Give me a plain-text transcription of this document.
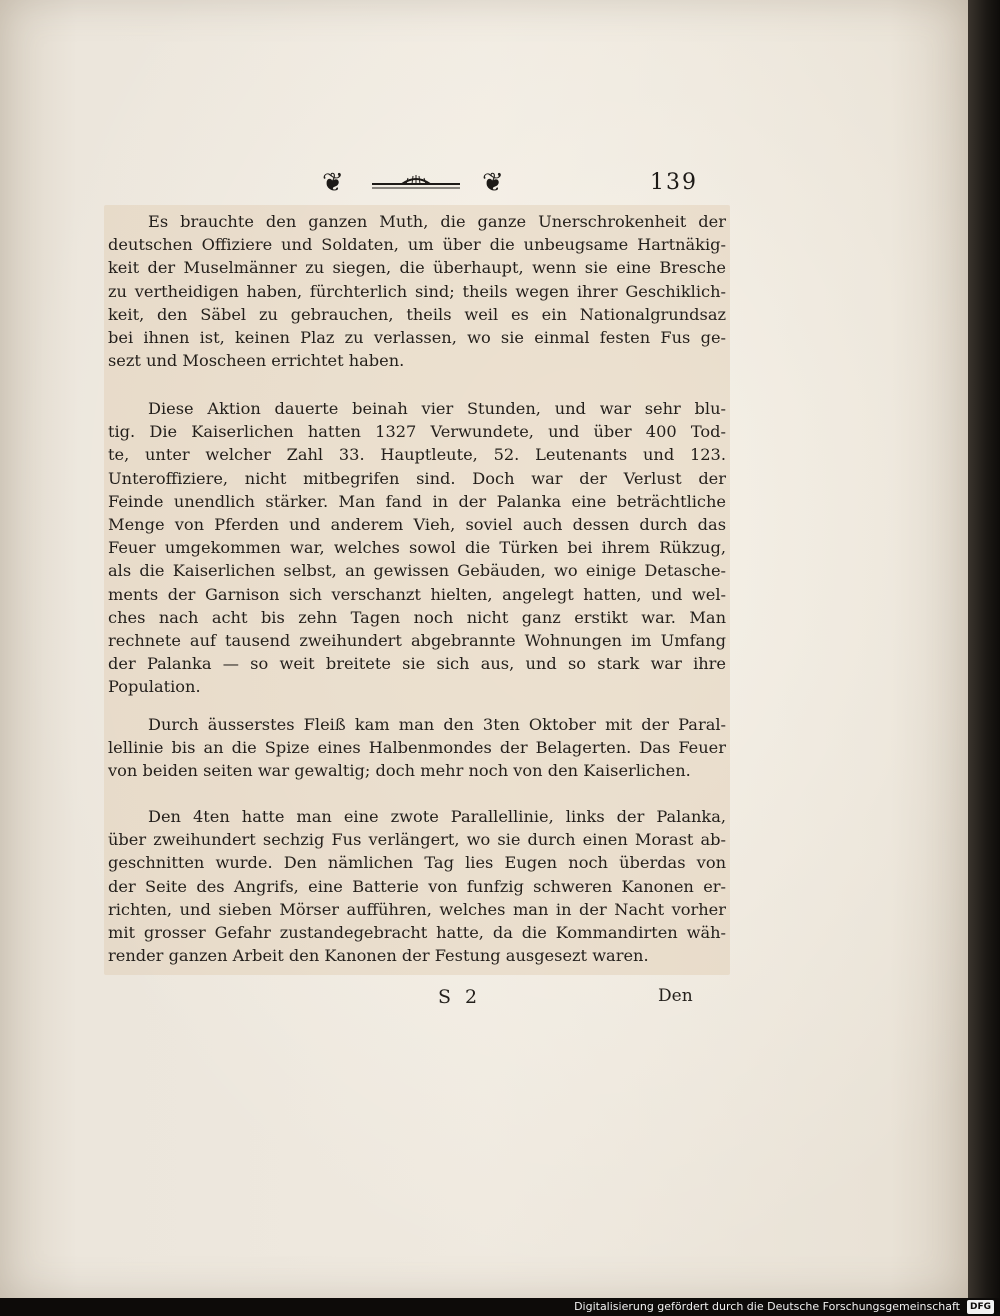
❦	❦	139

Es brauchte den ganzen Muth, die ganze Unerschrokenheit der
deutschen Offiziere und Soldaten, um über die unbeugsame Hartnäkig-
keit der Muselmänner zu siegen, die überhaupt, wenn sie eine Bresche
zu vertheidigen haben, fürchterlich sind; theils wegen ihrer Geschiklich-
keit, den Säbel zu gebrauchen, theils weil es ein Nationalgrundsaz
bei ihnen ist, keinen Plaz zu verlassen, wo sie einmal festen Fus ge-
sezt und Moscheen errichtet haben.

Diese Aktion dauerte beinah vier Stunden, und war sehr blu-
tig. Die Kaiserlichen hatten 1327 Verwundete, und über 400 Tod-
te, unter welcher Zahl 33. Hauptleute, 52. Leutenants und 123.
Unteroffiziere, nicht mitbegrifen sind. Doch war der Verlust der
Feinde unendlich stärker. Man fand in der Palanka eine beträchtliche
Menge von Pferden und anderem Vieh, soviel auch dessen durch das
Feuer umgekommen war, welches sowol die Türken bei ihrem Rükzug,
als die Kaiserlichen selbst, an gewissen Gebäuden, wo einige Detasche-
ments der Garnison sich verschanzt hielten, angelegt hatten, und wel-
ches nach acht bis zehn Tagen noch nicht ganz erstikt war. Man
rechnete auf tausend zweihundert abgebrannte Wohnungen im Umfang
der Palanka — so weit breitete sie sich aus, und so stark war ihre
Population.

Durch äusserstes Fleiß kam man den 3ten Oktober mit der Paral-
lellinie bis an die Spize eines Halbenmondes der Belagerten. Das Feuer
von beiden seiten war gewaltig; doch mehr noch von den Kaiserlichen.

Den 4ten hatte man eine zwote Parallellinie, links der Palanka,
über zweihundert sechzig Fus verlängert, wo sie durch einen Morast ab-
geschnitten wurde. Den nämlichen Tag lies Eugen noch überdas von
der Seite des Angrifs, eine Batterie von funfzig schweren Kanonen er-
richten, und sieben Mörser aufführen, welches man in der Nacht vorher
mit grosser Gefahr zustandegebracht hatte, da die Kommandirten wäh-
render ganzen Arbeit den Kanonen der Festung ausgesezt waren.

S 2	Den
Digitalisierung gefördert durch die Deutsche Forschungsgemeinschaft	DFG
